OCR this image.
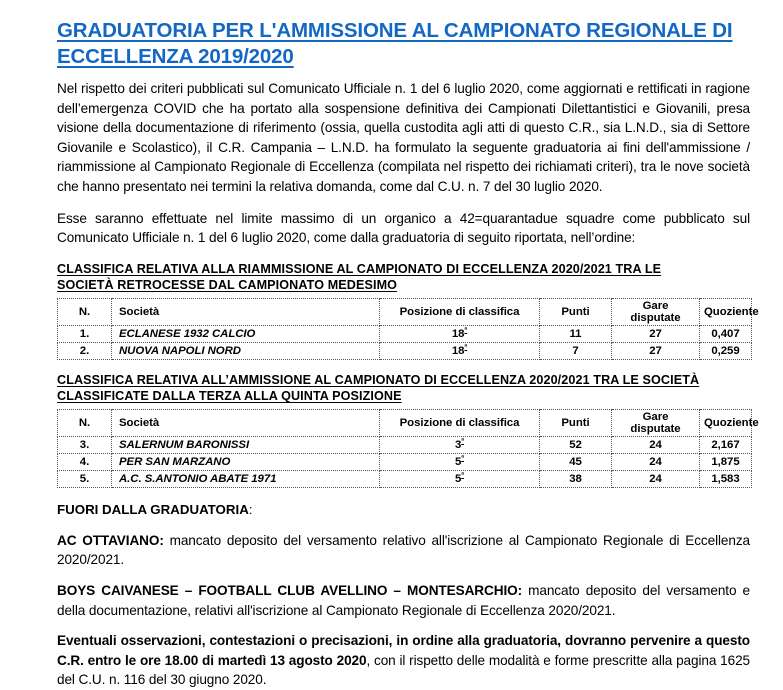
GRADUATORIA PER L'AMMISSIONE AL CAMPIONATO REGIONALE DI
ECCELLENZA 2019/2020

Nel rispetto dei criteri pubblicati sul Comunicato Ufficiale n. 1 del 6 luglio 2020, come aggiornati e rettificati in ragione dell’emergenza COVID che ha portato alla sospensione definitiva dei Campionati Dilettantistici e Giovanili, presa visione della documentazione di riferimento (ossia, quella custodita agli atti di questo C.R., sia L.N.D., sia di Settore Giovanile e Scolastico), il C.R. Campania – L.N.D. ha formulato la seguente graduatoria ai fini dell'ammissione / riammissione al Campionato Regionale di Eccellenza (compilata nel rispetto dei richiamati criteri), tra le nove società che hanno presentato nei termini la relativa domanda, come dal C.U. n. 7 del 30 luglio 2020.

Esse saranno effettuate nel limite massimo di un organico a 42=quarantadue squadre come pubblicato sul Comunicato Ufficiale n. 1 del 6 luglio 2020, come dalla graduatoria di seguito riportata, nell’ordine:

CLASSIFICA RELATIVA ALLA RIAMMISSIONE AL CAMPIONATO DI ECCELLENZA 2020/2021 TRA LE
SOCIETÀ RETROCESSE DAL CAMPIONATO MEDESIMO
N.	Società	Posizione di classifica	Punti	Gare disputate	Quoziente
1.	ECLANESE 1932 CALCIO	$18^ª$	11	27	0,407
2.	NUOVA NAPOLI NORD	$18^ª$	7	27	0,259
CLASSIFICA RELATIVA ALL’AMMISSIONE AL CAMPIONATO DI ECCELLENZA 2020/2021 TRA LE SOCIETÀ
CLASSIFICATE DALLA TERZA ALLA QUINTA POSIZIONE
N.	Società	Posizione di classifica	Punti	Gare disputate	Quoziente
3.	SALERNUM BARONISSI	$3^ª$	52	24	2,167
4.	PER SAN MARZANO	$5^ª$	45	24	1,875
5.	A.C. S.ANTONIO ABATE 1971	$5^ª$	38	24	1,583

FUORI DALLA GRADUATORIA:

AC OTTAVIANO: mancato deposito del versamento relativo all'iscrizione al Campionato Regionale di Eccellenza 2020/2021.

BOYS CAIVANESE – FOOTBALL CLUB AVELLINO – MONTESARCHIO: mancato deposito del versamento e della documentazione, relativi all'iscrizione al Campionato Regionale di Eccellenza 2020/2021.

Eventuali osservazioni, contestazioni o precisazioni, in ordine alla graduatoria, dovranno pervenire a questo C.R. entro le ore 18.00 di martedì 13 agosto 2020, con il rispetto delle modalità e forme prescritte alla pagina 1625 del C.U. n. 116 del 30 giugno 2020.
